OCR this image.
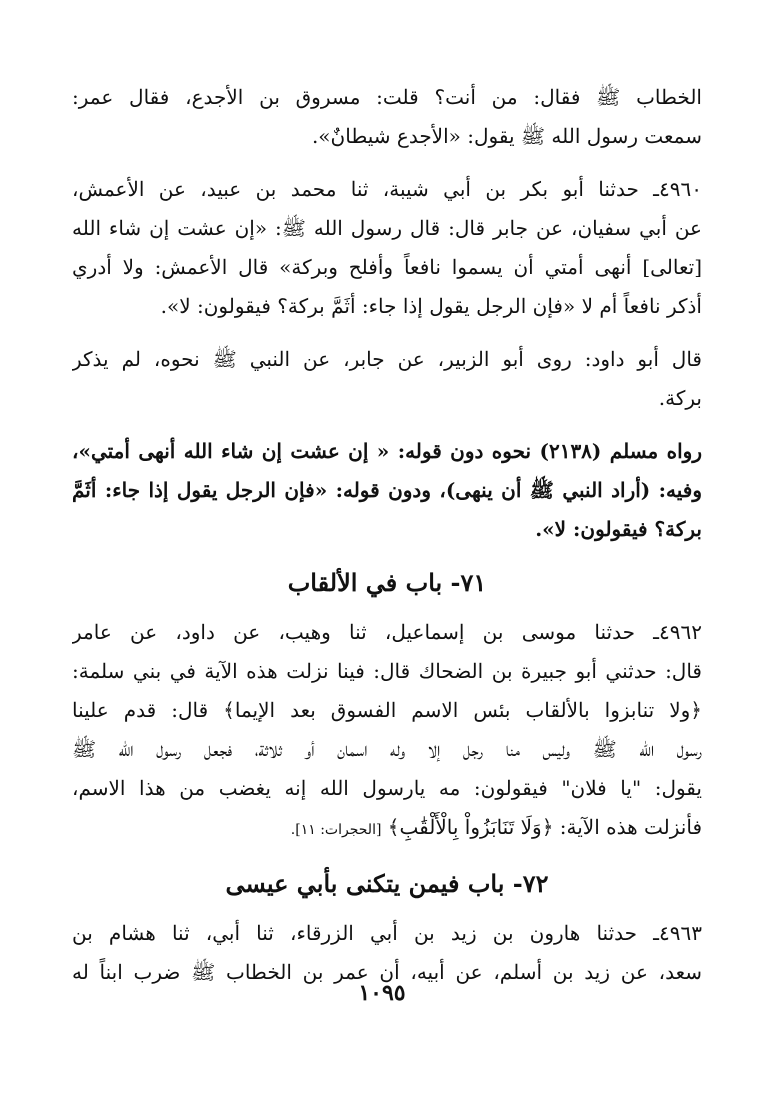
الخطاب ﷺ فقال: من أنت؟ قلت: مسروق بن الأجدع، فقال عمر:
سمعت رسول الله ﷺ يقول: «الأجدع شيطانٌ».
٤٩٦٠ـ حدثنا أبو بكر بن أبي شيبة، ثنا محمد بن عبيد، عن الأعمش،
عن أبي سفيان، عن جابر قال: قال رسول الله ﷺ: «إن عشت إن شاء الله
[تعالى] أنهى أمتي أن يسموا نافعاً وأفلح وبركة» قال الأعمش: ولا أدري
أذكر نافعاً أم لا «فإن الرجل يقول إذا جاء: أثَمَّ بركة؟ فيقولون: لا».
قال أبو داود: روى أبو الزبير، عن جابر، عن النبي ﷺ نحوه، لم يذكر
بركة.
رواه مسلم (٢١٣٨) نحوه دون قوله: « إن عشت إن شاء الله أنهى أمتي»،
وفيه: (أراد النبي ﷺ أن ينهى)، ودون قوله: «فإن الرجل يقول إذا جاء: أثَمَّ
بركة؟ فيقولون: لا».
٧١- باب في الألقاب
٤٩٦٢ـ حدثنا موسى بن إسماعيل، ثنا وهيب، عن داود، عن عامر
قال: حدثني أبو جبيرة بن الضحاك قال: فينا نزلت هذه الآية في بني سلمة:
﴿ولا تنابزوا بالألقاب بئس الاسم الفسوق بعد الإيما﴾ قال: قدم علينا
رسول الله ﷺ وليس منا رجل إلا وله اسمان أو ثلاثة، فجعل رسول الله ﷺ
يقول: "يا فلان" فيقولون: مه يارسول الله إنه يغضب من هذا الاسم،
فأنزلت هذه الآية: ﴿وَلَا تَنَابَزُواْ بِالْأَلْقَٰبِ﴾ [الحجرات: ١١].
٧٢- باب فيمن يتكنى بأبي عيسى
٤٩٦٣ـ حدثنا هارون بن زيد بن أبي الزرقاء، ثنا أبي، ثنا هشام بن
سعد، عن زيد بن أسلم، عن أبيه، أن عمر بن الخطاب ﷺ ضرب ابناً له
١٠٩٥
